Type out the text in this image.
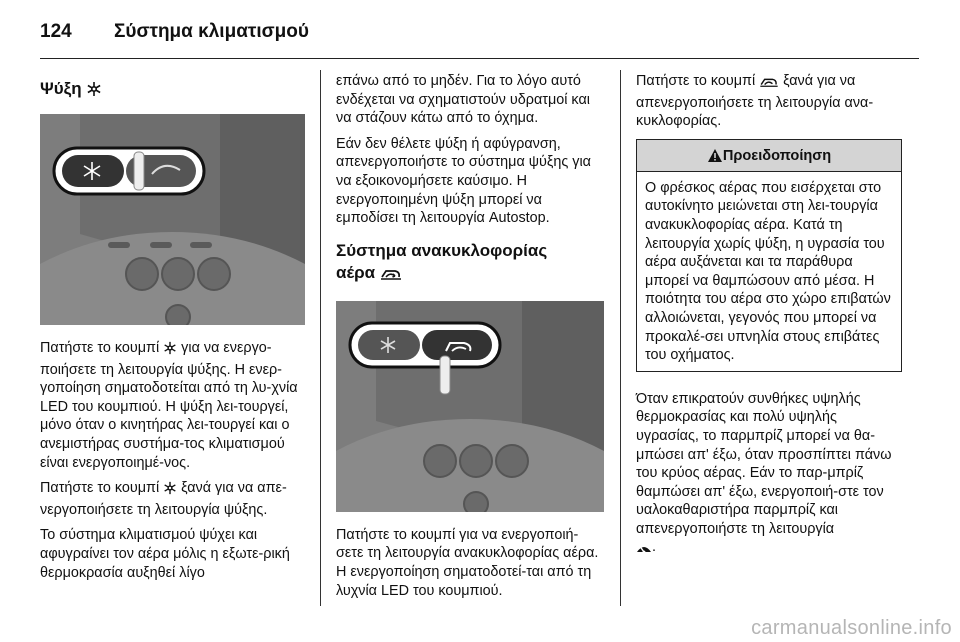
124	Σύστημα κλιματισμού
Ψύξη

Πατήστε το κουμπί  για να ενεργο-ποιήσετε τη λειτουργία ψύξης. Η ενερ-γοποίηση σηματοδοτείται από τη λυ-χνία LED του κουμπιού. Η ψύξη λει-τουργεί, μόνο όταν ο κινητήρας λει-τουργεί και ο ανεμιστήρας συστήμα-τος κλιματισμού είναι ενεργοποιημέ-νος.

Πατήστε το κουμπί  ξανά για να απε-νεργοποιήσετε τη λειτουργία ψύξης.

Το σύστημα κλιματισμού ψύχει και αφυγραίνει τον αέρα μόλις η εξωτε-ρική θερμοκρασία αυξηθεί λίγο

επάνω από το μηδέν. Για το λόγο αυτό ενδέχεται να σχηματιστούν υδρατμοί και να στάζουν κάτω από το όχημα.

Εάν δεν θέλετε ψύξη ή αφύγρανση, απενεργοποιήστε το σύστημα ψύξης για να εξοικονομήσετε καύσιμο. Η ενεργοποιημένη ψύξη μπορεί να εμποδίσει τη λειτουργία Autostop.

Σύστημα ανακυκλοφορίας
αέρα

Πατήστε το κουμπί για να ενεργοποιή-σετε τη λειτουργία ανακυκλοφορίας αέρα. Η ενεργοποίηση σηματοδοτεί-ται από τη λυχνία LED του κουμπιού.

Πατήστε το κουμπί  ξανά για να απενεργοποιήσετε τη λειτουργία ανα-κυκλοφορίας.

Προειδοποίηση
Ο φρέσκος αέρας που εισέρχεται στο αυτοκίνητο μειώνεται στη λει-τουργία ανακυκλοφορίας αέρα. Κατά τη λειτουργία χωρίς ψύξη, η υγρασία του αέρα αυξάνεται και τα παράθυρα μπορεί να θαμπώσουν από μέσα. Η ποιότητα του αέρα στο χώρο επιβατών αλλοιώνεται, γεγονός που μπορεί να προκαλέ-σει υπνηλία στους επιβάτες του οχήματος.

Όταν επικρατούν συνθήκες υψηλής θερμοκρασίας και πολύ υψηλής υγρασίας, το παρμπρίζ μπορεί να θα-μπώσει απ' έξω, όταν προσπίπτει πάνω του κρύος αέρας. Εάν το παρ-μπρίζ θαμπώσει απ' έξω, ενεργοποιή-στε τον υαλοκαθαριστήρα παρμπρίζ και απενεργοποιήστε τη λειτουργία
.

carmanualsonline.info
